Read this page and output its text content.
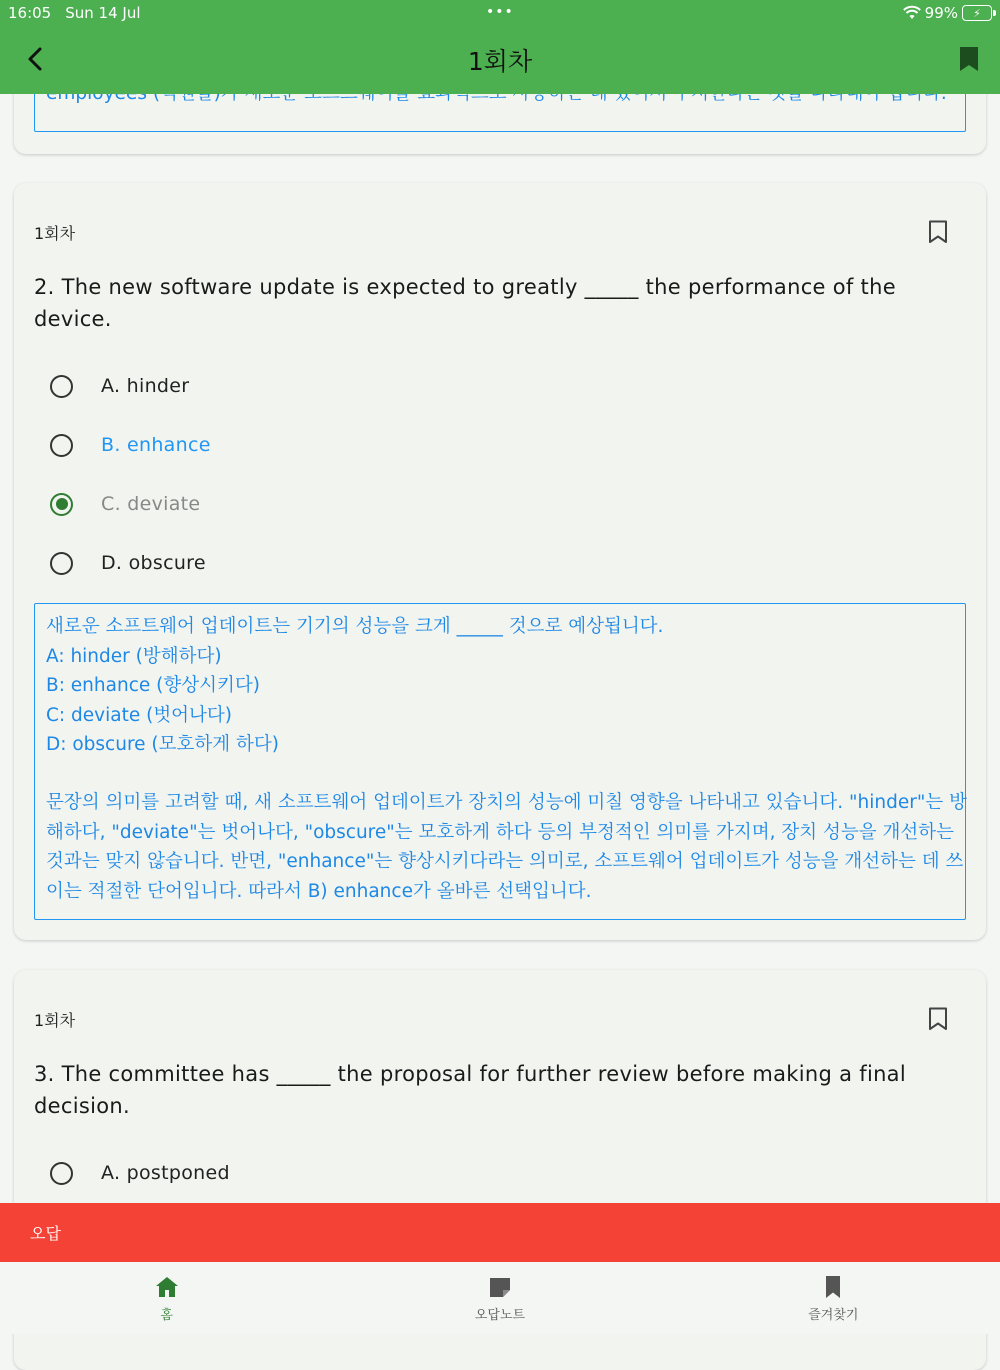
16:05 Sun 14 Jul	•••	99%	⚡
1회차
1회차
2. The new software update is expected to greatly _____ the performance of the device.
A. hinder
B. enhance
C. deviate
D. obscure
새로운 소프트웨어 업데이트는 기기의 성능을 크게 _____ 것으로 예상됩니다.
A: hinder (방해하다)
B: enhance (향상시키다)
C: deviate (벗어나다)
D: obscure (모호하게 하다)
문장의 의미를 고려할 때, 새 소프트웨어 업데이트가 장치의 성능에 미칠 영향을 나타내고 있습니다. "hinder"는 방
해하다, "deviate"는 벗어나다, "obscure"는 모호하게 하다 등의 부정적인 의미를 가지며, 장치 성능을 개선하는
것과는 맞지 않습니다. 반면, "enhance"는 향상시키다라는 의미로, 소프트웨어 업데이트가 성능을 개선하는 데 쓰
이는 적절한 단어입니다. 따라서 B) enhance가 올바른 선택입니다.
1회차
3. The committee has _____ the proposal for further review before making a final decision.
A. postponed
오답
홈	오답노트	즐겨찾기
